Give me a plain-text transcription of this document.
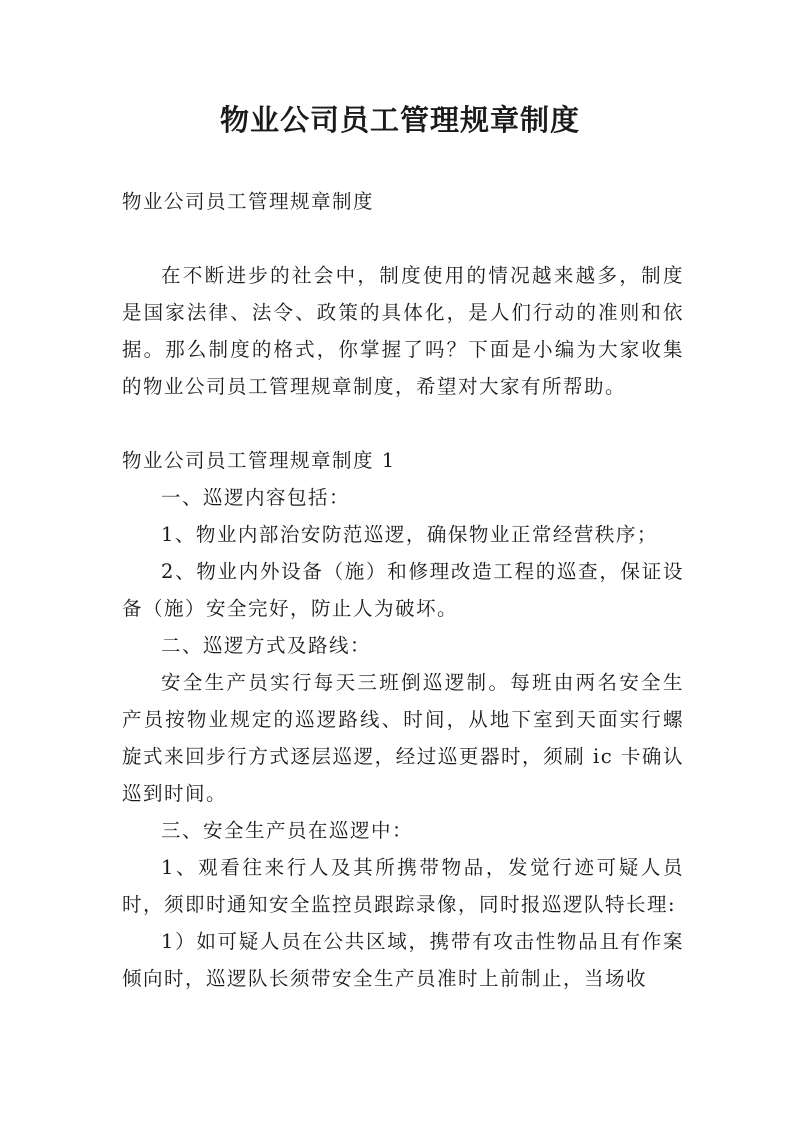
物业公司员工管理规章制度

物业公司员工管理规章制度

在不断进步的社会中，制度使用的情况越来越多，制度是国家法律、法令、政策的具体化，是人们行动的准则和依据。那么制度的格式，你掌握了吗？下面是小编为大家收集的物业公司员工管理规章制度，希望对大家有所帮助。

物业公司员工管理规章制度 1

一、巡逻内容包括：

1、物业内部治安防范巡逻，确保物业正常经营秩序；

2、物业内外设备（施）和修理改造工程的巡查，保证设备（施）安全完好，防止人为破坏。

二、巡逻方式及路线：

安全生产员实行每天三班倒巡逻制。每班由两名安全生产员按物业规定的巡逻路线、时间，从地下室到天面实行螺旋式来回步行方式逐层巡逻，经过巡更器时，须刷 ic 卡确认巡到时间。

三、安全生产员在巡逻中：

1、观看往来行人及其所携带物品，发觉行迹可疑人员时，须即时通知安全监控员跟踪录像，同时报巡逻队特长理:

1）如可疑人员在公共区域，携带有攻击性物品且有作案倾向时，巡逻队长须带安全生产员准时上前制止，当场收
